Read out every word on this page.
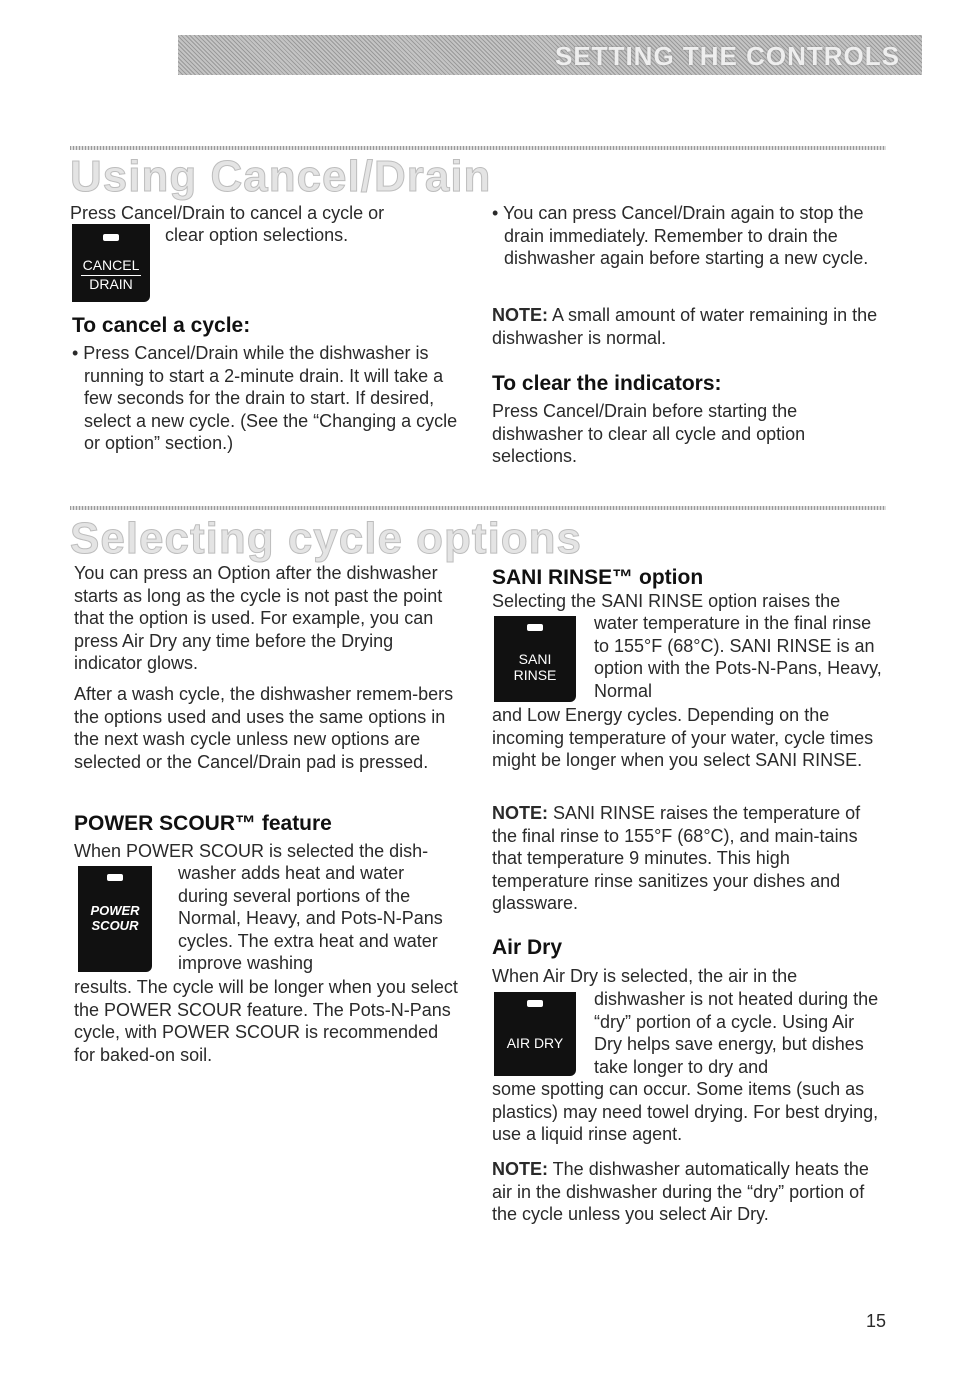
SETTING THE CONTROLS
Using Cancel/Drain
Press Cancel/Drain to cancel a cycle or
CANCEL
DRAIN
clear option selections.
To cancel a cycle:
• Press Cancel/Drain while the dishwasher is running to start a 2-minute drain. It will take a few seconds for the drain to start. If desired, select a new cycle. (See the “Changing a cycle or option” section.)
• You can press Cancel/Drain again to stop the drain immediately. Remember to drain the dishwasher again before starting a new cycle.
NOTE: A small amount of water remaining in the dishwasher is normal.
To clear the indicators:
Press Cancel/Drain before starting the dishwasher to clear all cycle and option selections.
Selecting cycle options
You can press an Option after the dishwasher starts as long as the cycle is not past the point that the option is used. For example, you can press Air Dry any time before the Drying indicator glows.
After a wash cycle, the dishwasher remem-bers the options used and uses the same options in the next wash cycle unless new options are selected or the Cancel/Drain pad is pressed.
POWER SCOUR™ feature
When POWER SCOUR is selected the dish-
POWER
SCOUR
washer adds heat and water during several portions of the Normal, Heavy, and Pots-N-Pans cycles. The extra heat and water improve washing
results. The cycle will be longer when you select the POWER SCOUR feature. The Pots-N-Pans cycle, with POWER SCOUR is recommended for baked-on soil.
SANI RINSE™ option
Selecting the SANI RINSE option raises the
SANI
RINSE
water temperature in the final rinse to 155°F (68°C). SANI RINSE is an option with the Pots-N-Pans, Heavy, Normal
and Low Energy cycles. Depending on the incoming temperature of your water, cycle times might be longer when you select SANI RINSE.
NOTE: SANI RINSE raises the temperature of the final rinse to 155°F (68°C), and main-tains that temperature 9 minutes. This high temperature rinse sanitizes your dishes and glassware.
Air Dry
When Air Dry is selected, the air in the
AIR DRY
dishwasher is not heated during the “dry” portion of a cycle. Using Air Dry helps save energy, but dishes take longer to dry and
some spotting can occur. Some items (such as plastics) may need towel drying. For best drying, use a liquid rinse agent.
NOTE: The dishwasher automatically heats the air in the dishwasher during the “dry” portion of the cycle unless you select Air Dry.
15
